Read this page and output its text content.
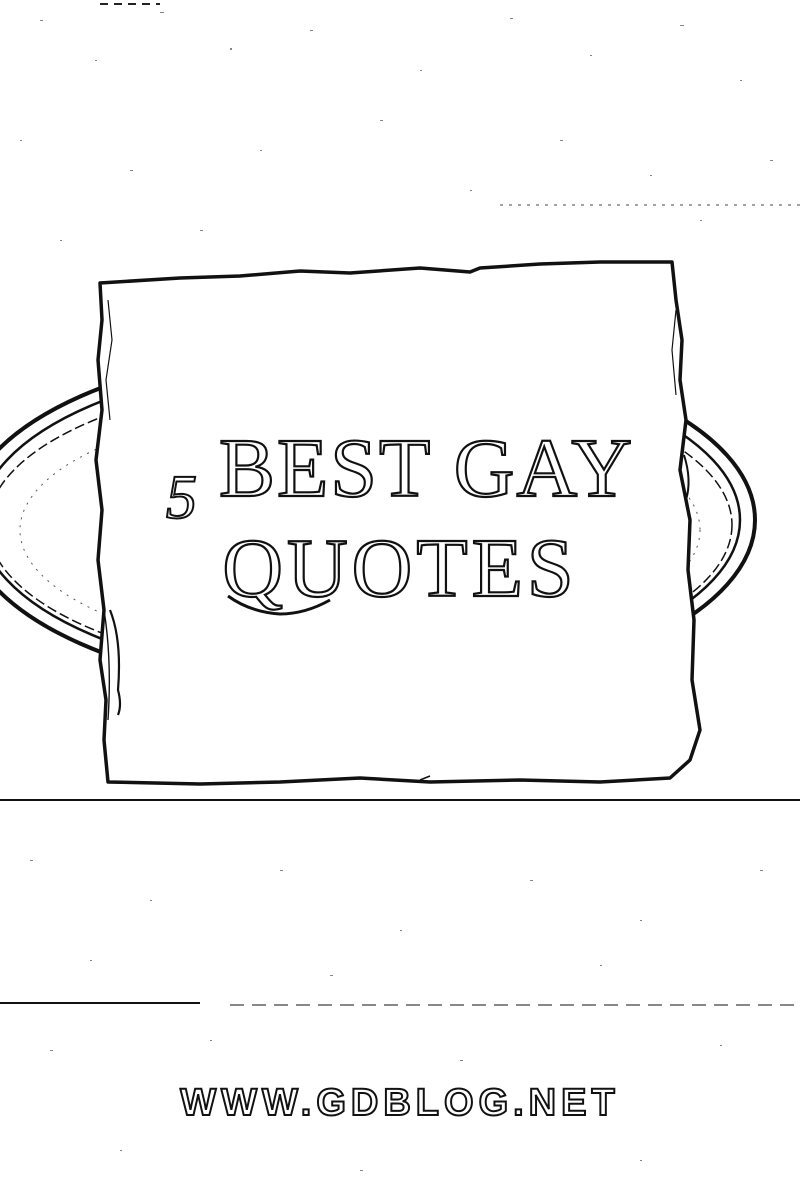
5 BEST GAY
QUOTES
WWW.GDBLOG.NET
